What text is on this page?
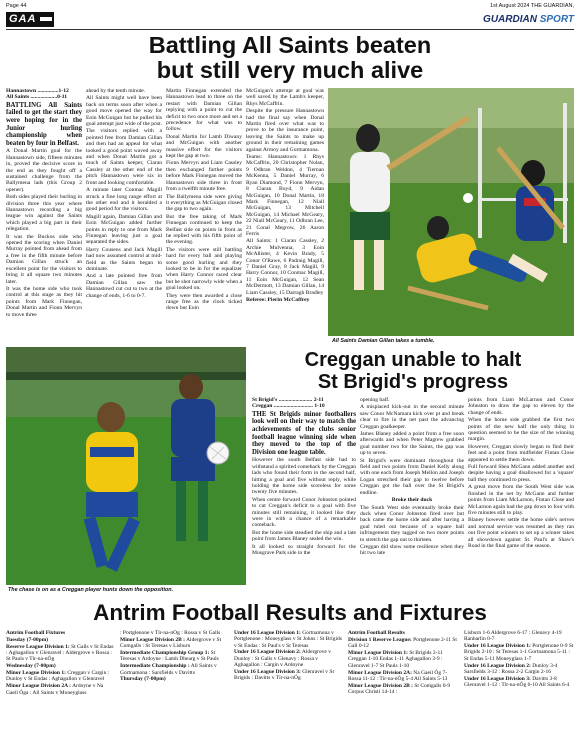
Page 44	1st August 2024 THE GUARDIAN,
GAA	GUARDIAN SPORT
Battling All Saints beaten
but still very much alive

Hannastown ...............1-12
All Saints ...................0-11

BATTLING All Saints failed to get the start they were hoping for in the Junior hurling championship when beaten by four in Belfast.

A Donal Martin goal for the Hannastown side, fifteen minutes in, proved the decisive score in the end as they fought off a sustained challenge from the Ballymena lads (this Group 2 opener).

Both sides played their hurling in division three this year where Hannastown recording a big league win against the Saints which played a big part in their relegation.

It was the Buckos side who opened the scoring when Daniel Murray pointed from ahead from a free in the fifth minute before Damian Gillan struck an excellent point for the visitors to bring it all square two minutes later.

It was the home side who took control at this stage as they hit points from Mark Finnegan, Donal Martin and Fionn Mervyn to move three

ahead by the tenth minute.

All Saints might well have been back on terms soon after when a good move opened the way for Eoin McGuigan but he pulled his goal attempt just wide of the post.

The visitors replied with a pointed free from Damian Gillan and then had an appeal for what looked a good point waved away and when Donal Martin got a touch of Saints keeper, Ciaran Cassley at the other end of the pitch Hannastown were six in front and looking comfortable.

A minute later Conmac Magill struck a fine long range effort at the other end and it heralded a good period for the visitors.

Magill again, Damian Gillan and Eoin McGuigan added further points in reply to one from Mark Finnegan leaving just a goal separated the sides.

Harry Cousens and Jack Magill had now assumed control at mid-field as the Saints began to dominate.

And a late pointed free from Damian Gillan saw the Hannastowd cut cut to two at the change of ends, 1-6 to 0-7.

Martin Finnegan extended the Hannastown lead to three on the restart with Damian Gillan replying with a point to cut the deficit to two once more and set a precedence for what was to follow.

Donal Martin for Lamb Diwany and McGuigan with another massive effort for the visitors kept the gap at two.

Fionn Mervyn and Liam Cassley then exchanged further points before Mark Finnegan moved the Hannastown side three in front from a twelfth minute free.

The Ballymena side were giving it everything as McGuigan closed the gap to two again.

But the free taking of Mark Finnegan continued to keep the Belfast side on points in front as he replied with his fifth point of the evening.

The visitors were still battling hard for every ball and playing some good hurling and they looked to be in for the equalizer when Harry Connor raced clear but he shot narrowly wide when a goal looked on.

They were then awarded a close range free as the clock ticked down but Eoin

McGuigan's attempt at goal was well saved by the Lamb's keeper, Rhys McCaffrin.

Despite the pressure Hannastown had the final say when Donal Martin fired over what was to prove to be the insurance point, leaving the Saints to make up ground in their remaining games against Armoy and Gortnamona.

Teams: Hannastown: 1 Rhys McCaffrin, 20 Christopher Nolan, 9 Odhran Weldon, 4 Tiernan McKenna, 5 Daniel Murray, 6 Ryan Diamond, 7 Fionn Mervyn, 8 Ciaran Boyd, 9 Aidan McGuigan, 10 Donal Martin, 18 Mark Finnegan, 12 Niall McGuigan, 13 Mitchell McGuigan, 14 Michael McGeary, 22 Niall McGeary, 11 Odhran Lee, 21 Conal Megrow, 26 Aaron Ferris

All Saints: 1 Ciaran Cassley, 2 Archie Mulvenna, 3 Eoin McAllister, 4 Kevin Brady, 5 Conor O'Rawe, 6 Padraig Magill, 7 Daniel Gray, 8 Jack Magill, 9 Harry Connor, 10 Conmac Magill, 11 Eoin McGuigan, 12 Sean McDermott, 13 Damian Gillan, 14 Liam Cassley, 15 Darragh Bradley

Referee: Pierin McCaffrey

All Saints Damian Gillan takes a tumble.
Creggan unable to halt
St Brigid's progress
The chase is on as a Creggan player hunts down the opposition.

St Brigid's ........................ 2-11
Creggan ............................ 1-10

THE St Brigids minor footballers look well on their way to match the achievements of the clubs senior football league winning side when they moved to the top of the Division one league table.

However the south Belfast side had to withstand a spirited comeback by the Creggan lads who found their form in the second half, hitting a goal and five without reply, while holding the home side scoreless for some twenty five minutes.

When centre forward Conor Johnston pointed to cut Creggan's deficit to a goal with five minutes still remaining, it looked like they were in with a chance of a remarkable comeback.

But the home side steadied the ship and a late point from James Blaney sealed the win.

It all looked so straight forward for the Musgrave Park side in the

opening half.

A misplaced kick-out in the second minute saw Conor McNamara kick over pt and break clear to fire in the net past the advancing Creggan goalkeeper.

James Blaney added a point from a free soon afterwards and when Peter Magrew grabbed goal number two for the Saints, the gap was up to seven.

St Brigid's were dominant throughout the field and two points from Daniel Kelly along with one each from Joseph Mellon and Joseph Logan stretched their gap to twelve before Creggan got the ball over the St Brigid's endline.

Broke their duck

The South West side eventually broke their duck when Conor Johnston fired over but back came the home side and after having a goal ruled out because of a square ball infringement they tagged on two more points to stretch the gap out to thirteen.

Creggan did show some resilience when they hit two late

points from Liam McLarnon and Conor Johnston to draw the gap to eleven by the change of ends.

When the home side grabbed the first two points of the new half the only thing in question seemed to be the size of the winning margin.

However, Creggan slowly began to find their feet and a point from midfielder Fintan Close appeared to settle them down.

Full forward Shea McGann added another and despite having a goal disallowed for a 'square' ball they continued to press.

A great move from the South West side was finished in the net by McGann and further points from Liam McLarnon, Fintan Close and McLarnon again had the gap down to four with five minutes still to play.

Blaney however settle the home side's nerves and normal service was resumed as they ran out five point winners to set up a winner takes all showdown against St. Paul's at Shaw's Road in the final game of the season.

Antrim Football Results and Fixtures
Antrim Football Fixtures
Tuesday (7-00pm)
Reserve League Division 1: St Galls v St Endas : Aghagallon v Glenravel : Aldergrove v Rossa : St Pauls v Tír-na-nÓg
Wednesday (7-00pm)
Minor League Division 1: Creggan v Cargin : Dunloy v St Endas : Aghagallon v Glenravel
Minor League Division 2A : Ardoyne v Na Gaeil Óga : All Saints v Moneyglass
: Portglenone v Tír-na-nÓg : Rossa v St Galls
Minor League Division 2B : Aldergrove v St Comgalls : St Teresas v Lisburn
Intermediate Championship Group 1: St Teresas v Ardoyne : Lamh Dhearg v St Pauls
Intermediate Championship : All Saints v Gortnamona : Sarsfields v Davitts
Thursday (7-00pm)
Under 16 League Division 1: Gortnamona v Portglenone : Moneyglass v St Johns : St Brigids v St Endas : St Paul's v St Teresas
Under 16 League Division 2: Aldergrove v Dunloy : St Galls v Glenavy : Rossa v Aghagallon : Cargin v Ardoyne
Under 16 League Division 3: Glenravel v St Brigids : Davitts v Tír-na-nÓg
Antrim Football Results
Division 1 Reserve League: Portglenone 2-11 St Gall 0-12
Minor League Division 1: St Brigids 2-11 Creggan 1-10 Endas 1-11 Aghagallon 3-9 : Glenravel 1-7 St Pauls 1-10
Minor League Division 2A: Na Gaeil Óg 7- Rossa 11-12 : Tír-na-nÓg 5-4 All Saints 5-13
Minor League Division 2B : St Comgalls 0-9 Corpus Christi 14-14 :
Lisburn 1-6 Aldergrove 6-17 : Glenavy 4-19 Ranbarlin 0-7
Under 16 League Division 1: Portglenone 0-9 St Brigids 2-10 : St Teresas 1-1 Gortnamona 5-11 : St Endas 5-11 Moneyglass 1-7
Under 16 League Division 2: Dunloy 3-4 Sarsfields 3-12 : Rossa 2-2 Cargin 2-16
Under 16 League Division 3: Davitts 3-8 Glenravel 1-12 : Tír-na-nÓg 0-10 All Saints 6-4
